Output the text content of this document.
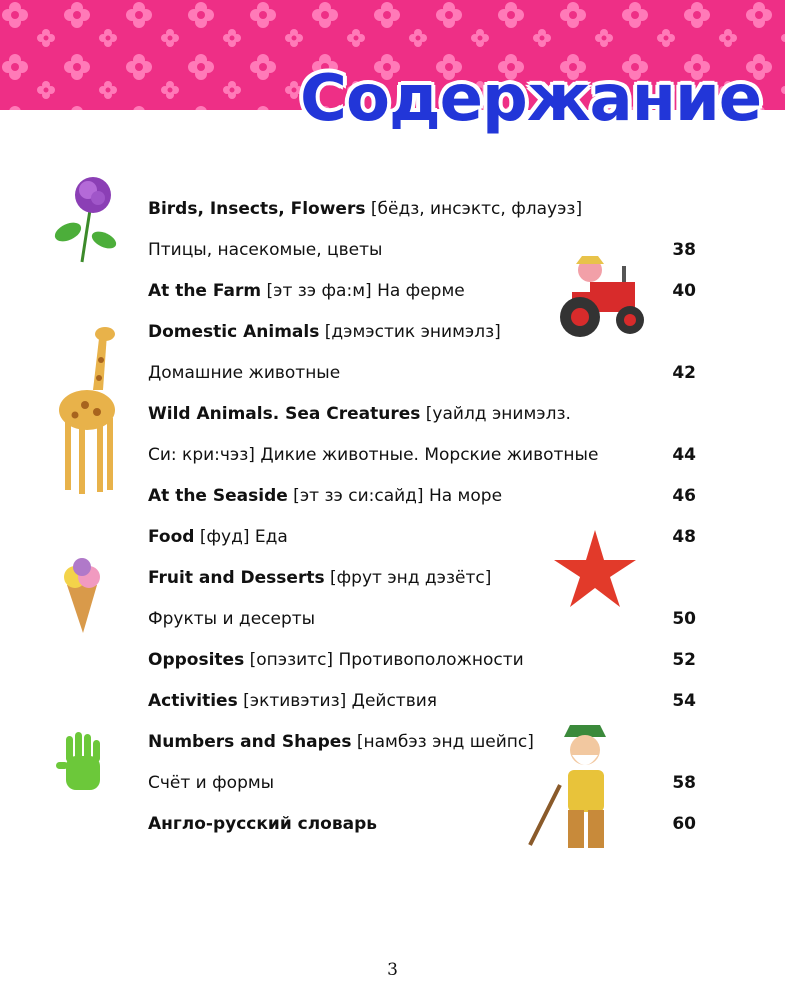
Содержание
Birds, Insects, Flowers [бёдз, инсэктс, флауэз]
Птицы, насекомые, цветы	38
At the Farm [эт зэ фа:м] На ферме	40
Domestic Animals [дэмэстик энимэлз]
Домашние животные	42
Wild Animals. Sea Creatures [уайлд энимэлз.
Си: кри:чэз] Дикие животные. Морские животные	44
At the Seaside [эт зэ си:сайд] На море	46
Food [фуд] Еда	48
Fruit and Desserts [фрут энд дэзётс]
Фрукты и десерты	50
Opposites [опэзитс] Противоположности	52
Activities [эктивэтиз] Действия	54
Numbers and Shapes [намбэз энд шейпс]
Счёт и формы	58
Англо-русский словарь	60
3
